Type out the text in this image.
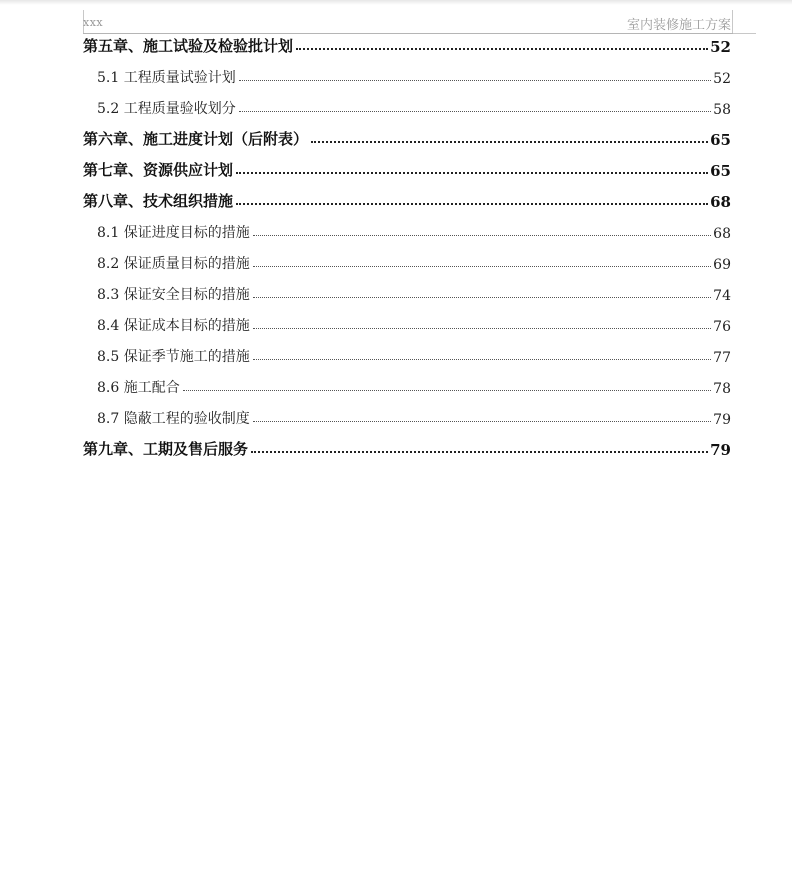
xxx	室内装修施工方案
第五章、施工试验及检验批计划	52
5.1 工程质量试验计划	52
5.2 工程质量验收划分	58
第六章、施工进度计划（后附表）	65
第七章、资源供应计划	65
第八章、技术组织措施	68
8.1 保证进度目标的措施	68
8.2 保证质量目标的措施	69
8.3 保证安全目标的措施	74
8.4 保证成本目标的措施	76
8.5 保证季节施工的措施	77
8.6 施工配合	78
8.7 隐蔽工程的验收制度	79
第九章、工期及售后服务	79
